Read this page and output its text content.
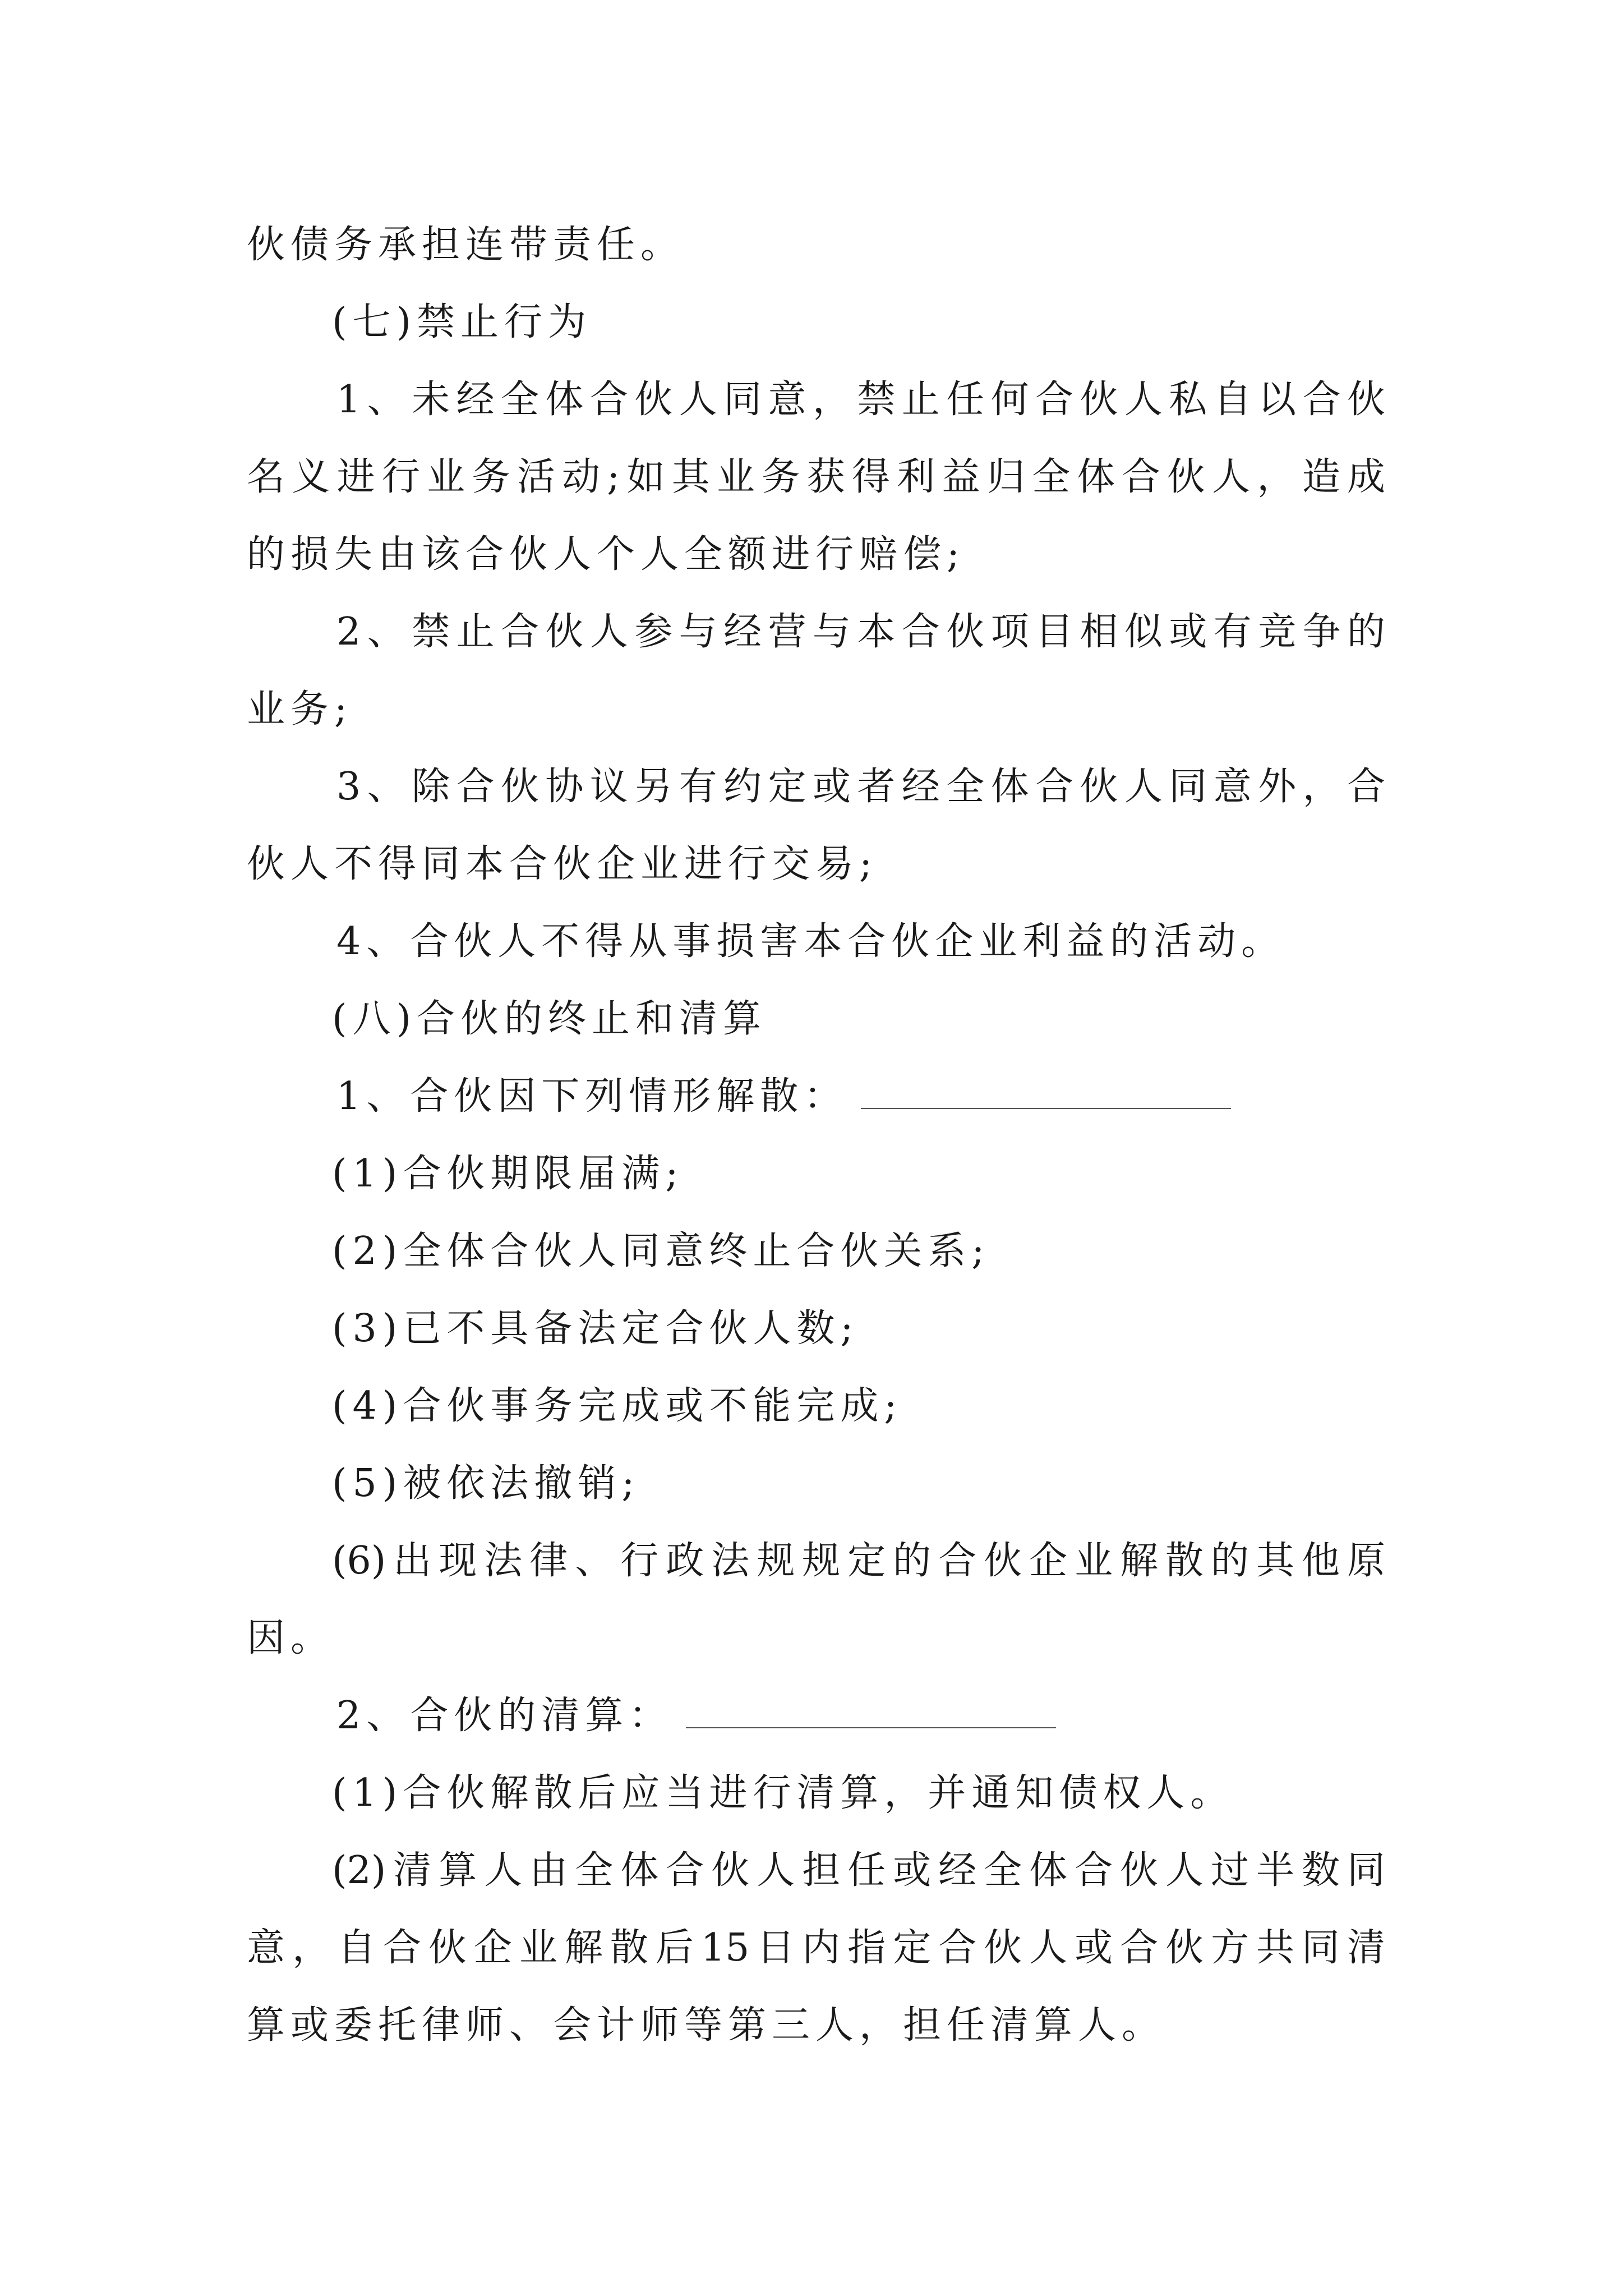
伙债务承担连带责任。
(七)禁止行为
1、未经全体合伙人同意，禁止任何合伙人私自以合伙
名义进行业务活动;如其业务获得利益归全体合伙人，造成
的损失由该合伙人个人全额进行赔偿;
2、禁止合伙人参与经营与本合伙项目相似或有竞争的
业务;
3、除合伙协议另有约定或者经全体合伙人同意外，合
伙人不得同本合伙企业进行交易;
4、合伙人不得从事损害本合伙企业利益的活动。
(八)合伙的终止和清算
1、合伙因下列情形解散：
(1)合伙期限届满;
(2)全体合伙人同意终止合伙关系;
(3)已不具备法定合伙人数;
(4)合伙事务完成或不能完成;
(5)被依法撤销;
(6)出现法律、行政法规规定的合伙企业解散的其他原
因。
2、合伙的清算：
(1)合伙解散后应当进行清算，并通知债权人。
(2)清算人由全体合伙人担任或经全体合伙人过半数同
意，自合伙企业解散后15日内指定合伙人或合伙方共同清
算或委托律师、会计师等第三人，担任清算人。
